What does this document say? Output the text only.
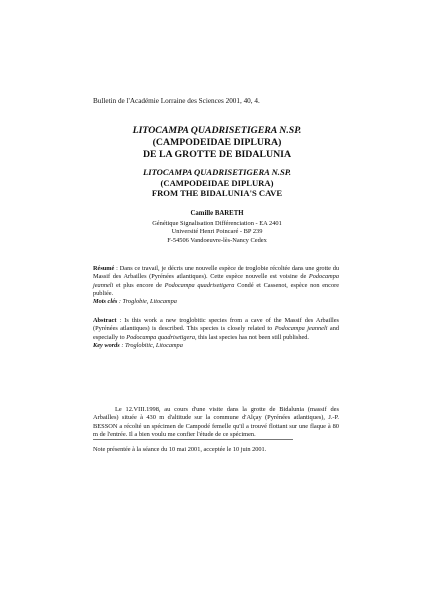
Bulletin de l'Académie Lorraine des Sciences 2001, 40, 4.
LITOCAMPA QUADRISETIGERA N.SP.
(CAMPODEIDAE DIPLURA)
DE LA GROTTE DE BIDALUNIA
LITOCAMPA QUADRISETIGERA N.SP.
(CAMPODEIDAE DIPLURA)
FROM THE BIDALUNIA'S CAVE
Camille BARETH
Génétique Signalisation Différenciation - EA 2401
Université Henri Poincaré - BP 239
F-54506 Vandoeuvre-lès-Nancy Cedex
Résumé : Dans ce travail, je décris une nouvelle espèce de troglobie récoltée dans une grotte du Massif des Arbailles (Pyrénées atlantiques). Cette espèce nouvelle est voisine de Podocampa jeanneli et plus encore de Podocampa quadrisetigera Condé et Cassenot, espèce non encore publiée.
Mots clés : Troglobie, Litocampa
Abstract : Is this work a new troglobitic species from a cave of the Massif des Arbailles (Pyrénées atlantiques) is described. This species is closely related to Podocampa jeanneli and especially to Podocampa quadrisetigera, this last species has not been still published.
Key words : Troglobitic, Litocampa

Le 12.VIII.1998, au cours d'une visite dans la grotte de Bidalunia (massif des Arbailles) située à 430 m d'altitude sur la commune d'Alçay (Pyrénées atlantiques), J.-P. BESSON a récolté un spécimen de Campodé femelle qu'il a trouvé flottant sur une flaque à 80 m de l'entrée. Il a bien voulu me confier l'étude de ce spécimen.

Note présentée à la séance du 10 mai 2001, acceptée le 10 juin 2001.
